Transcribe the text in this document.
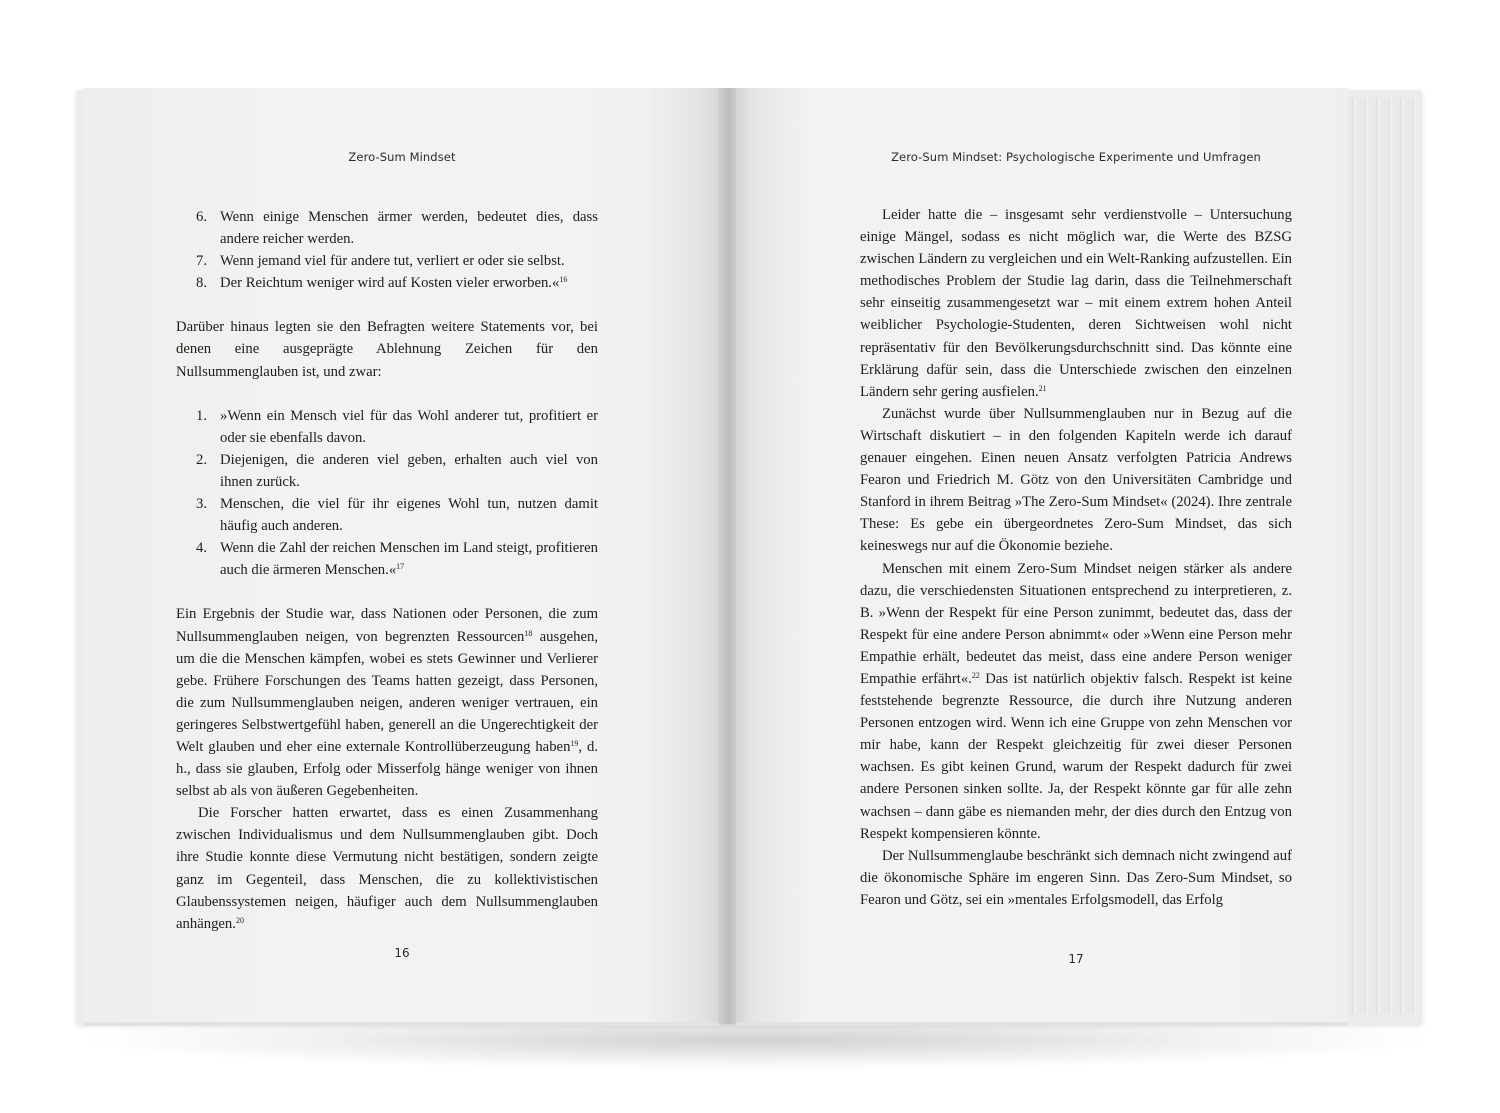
Zero-Sum Mindset
6. Wenn einige Menschen ärmer werden, bedeutet dies, dass andere reicher werden.
7. Wenn jemand viel für andere tut, verliert er oder sie selbst.
8. Der Reichtum weniger wird auf Kosten vieler erworben.«$^{16}$

Darüber hinaus legten sie den Befragten weitere Statements vor, bei denen eine ausgeprägte Ablehnung Zeichen für den Nullsummenglauben ist, und zwar:

1. »Wenn ein Mensch viel für das Wohl anderer tut, profitiert er oder sie ebenfalls davon.
2. Diejenigen, die anderen viel geben, erhalten auch viel von ihnen zurück.
3. Menschen, die viel für ihr eigenes Wohl tun, nutzen damit häufig auch anderen.
4. Wenn die Zahl der reichen Menschen im Land steigt, profitieren auch die ärmeren Menschen.«$^{17}$

Ein Ergebnis der Studie war, dass Nationen oder Personen, die zum Nullsummenglauben neigen, von begrenzten Ressourcen$^{18}$ ausgehen, um die die Menschen kämpfen, wobei es stets Gewinner und Verlierer gebe. Frühere Forschungen des Teams hatten gezeigt, dass Personen, die zum Nullsummenglauben neigen, anderen weniger vertrauen, ein geringeres Selbstwertgefühl haben, generell an die Ungerechtigkeit der Welt glauben und eher eine externale Kontrollüberzeugung haben$^{19}$, d. h., dass sie glauben, Erfolg oder Misserfolg hänge weniger von ihnen selbst ab als von äußeren Gegebenheiten.

Die Forscher hatten erwartet, dass es einen Zusammenhang zwischen Individualismus und dem Nullsummenglauben gibt. Doch ihre Studie konnte diese Vermutung nicht bestätigen, sondern zeigte ganz im Gegenteil, dass Menschen, die zu kollektivistischen Glaubenssystemen neigen, häufiger auch dem Nullsummenglauben anhängen.$^{20}$

16
Zero-Sum Mindset: Psychologische Experimente und Umfragen

Leider hatte die – insgesamt sehr verdienstvolle – Untersuchung einige Mängel, sodass es nicht möglich war, die Werte des BZSG zwischen Ländern zu vergleichen und ein Welt-Ranking aufzustellen. Ein methodisches Problem der Studie lag darin, dass die Teilnehmerschaft sehr einseitig zusammengesetzt war – mit einem extrem hohen Anteil weiblicher Psychologie-Studenten, deren Sichtweisen wohl nicht repräsentativ für den Bevölkerungsdurchschnitt sind. Das könnte eine Erklärung dafür sein, dass die Unterschiede zwischen den einzelnen Ländern sehr gering ausfielen.$^{21}$

Zunächst wurde über Nullsummenglauben nur in Bezug auf die Wirtschaft diskutiert – in den folgenden Kapiteln werde ich darauf genauer eingehen. Einen neuen Ansatz verfolgten Patricia Andrews Fearon und Friedrich M. Götz von den Universitäten Cambridge und Stanford in ihrem Beitrag »The Zero-Sum Mindset« (2024). Ihre zentrale These: Es gebe ein übergeordnetes Zero-Sum Mindset, das sich keineswegs nur auf die Ökonomie beziehe.

Menschen mit einem Zero-Sum Mindset neigen stärker als andere dazu, die verschiedensten Situationen entsprechend zu interpretieren, z. B. »Wenn der Respekt für eine Person zunimmt, bedeutet das, dass der Respekt für eine andere Person abnimmt« oder »Wenn eine Person mehr Empathie erhält, bedeutet das meist, dass eine andere Person weniger Empathie erfährt«.$^{22}$ Das ist natürlich objektiv falsch. Respekt ist keine feststehende begrenzte Ressource, die durch ihre Nutzung anderen Personen entzogen wird. Wenn ich eine Gruppe von zehn Menschen vor mir habe, kann der Respekt gleichzeitig für zwei dieser Personen wachsen. Es gibt keinen Grund, warum der Respekt dadurch für zwei andere Personen sinken sollte. Ja, der Respekt könnte gar für alle zehn wachsen – dann gäbe es niemanden mehr, der dies durch den Entzug von Respekt kompensieren könnte.

Der Nullsummenglaube beschränkt sich demnach nicht zwingend auf die ökonomische Sphäre im engeren Sinn. Das Zero-Sum Mindset, so Fearon und Götz, sei ein »mentales Erfolgsmodell, das Erfolg

17
